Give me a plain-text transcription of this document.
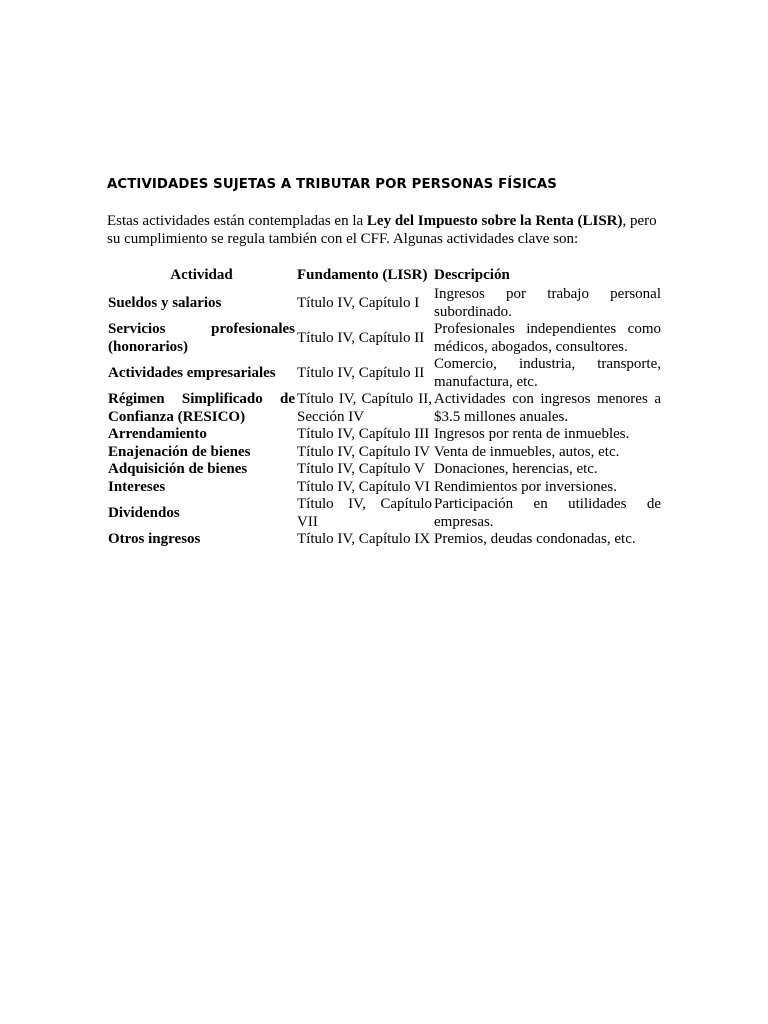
ACTIVIDADES SUJETAS A TRIBUTAR POR PERSONAS FÍSICAS

Estas actividades están contempladas en la Ley del Impuesto sobre la Renta (LISR), pero su cumplimiento se regula también con el CFF. Algunas actividades clave son:

Actividad	Fundamento (LISR)	Descripción
Sueldos y salarios	Título IV, Capítulo I	Ingresos por trabajo personal subordinado.
Servicios profesionales (honorarios)	Título IV, Capítulo II	Profesionales independientes como médicos, abogados, consultores.
Actividades empresariales	Título IV, Capítulo II	Comercio, industria, transporte, manufactura, etc.
Régimen Simplificado de Confianza (RESICO)	Título IV, Capítulo II, Sección IV	Actividades con ingresos menores a $3.5 millones anuales.
Arrendamiento	Título IV, Capítulo III	Ingresos por renta de inmuebles.
Enajenación de bienes	Título IV, Capítulo IV	Venta de inmuebles, autos, etc.
Adquisición de bienes	Título IV, Capítulo V	Donaciones, herencias, etc.
Intereses	Título IV, Capítulo VI	Rendimientos por inversiones.
Dividendos	Título IV, Capítulo VII	Participación en utilidades de empresas.
Otros ingresos	Título IV, Capítulo IX	Premios, deudas condonadas, etc.
